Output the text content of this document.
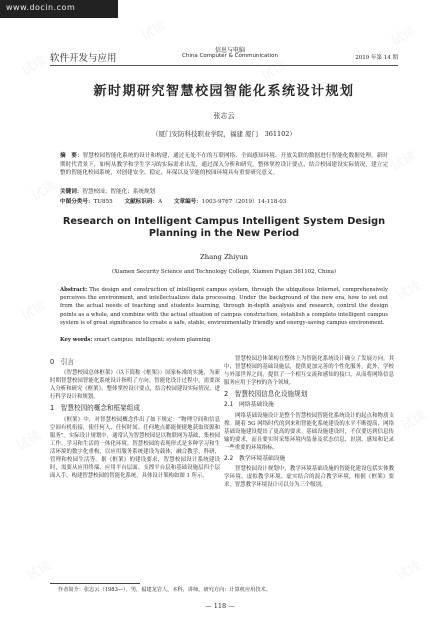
www.docin.com
软件开发与应用
信息与电脑
China Computer & Communication	2019 年第 14 期
新时期研究智慧校园智能化系统设计规划
张志云
（厦门安防科技职业学院，福建 厦门　361102）
摘　要：智慧校园智能化系统的设计和构建，通过无处不在的互联网络、全面感知环境、开放关联的数据进行智能化数据处理，新时期时代背景下，如何从教学和学生学习的实际需求出发，通过深入分析和研究，整体掌控设计要点，结合校园建设实际情况，建立完整的智能化校园系统，对创建安全、稳定、环保以及节能的校园环境具有重要研究意义。
关键词：智慧校园；智能化；系统规划
中图分类号：TU855 文献标识码：A 文章编号：1003-9767（2019）14-118-03
Research on Intelligent Campus Intelligent System Design Planning in the New Period
Zhang Zhiyun
(Xiamen Security Science and Technology College, Xiamen Fujian 361102, China)
Abstract: The design and construction of intelligent campus system, through the ubiquitous Internet, comprehensively perceives the environment, and intellectualizes data processing. Under the background of the new era, how to set out from the actual needs of teaching and students learning, through in-depth analysis and research, control the design points as a whole, and combine with the actual situation of campus construction, establish a complete intelligent campus system is of great significance to create a safe, stable, environmentally friendly and energy-saving campus environment.
Key words: smart campus; intelligent; system planning
0　引言

《智慧校园总体框架》（以下简称《框架》）国家标准的实施，为新时期智慧校园智能化系统设计指明了方向。智能化设计过程中，需要深入分析和研究《框架》，整体掌控设计要点，结合校园建设实际情况，进行科学设计和规划。

1　智慧校园的概念和框架组成

《框架》中，对智慧校园概念作出了如下规定：“物理空间和信息空间有机衔接，使任何人、任何时间、任何地点都能便捷地获取资源和服务”。实际设计规划中，通常认为智慧校园是以物联网为基础，集校园工作、学习和生活的一体化环境。智慧校园的表现形式是多种学习和生活环境的数字化重构，以应用服务系统建设为载体，融合教学、科研、管理和校园生活等。据《框架》的建设要求，智慧校园设计系统建设时，需要从应用终端、应用平台层面、支撑平台层和基础设施层四个层面入手，构建智慧校园的智能化系统，具体设计架构如图 1 所示。

智慧校园总体架构在整体上为智能化系统设计确立了发展方向。其中，智慧校园的基础设施层，提供更加完善的个性化服务，此外，学校与外部世界之间，提供了一个相互交流和感知的接口，从而将网络信息服务应用于学校的各个领域。

2　智慧校园信息化设施规划
2.1　网络基础设施

网络基础设施设计是整个智慧校园智能化系统设计的起点和物质支撑。随着 5G 网络时代的到来和智能化系统建设的水平不断提高，网络基础设施建设提出了更高的要求。基础设施建设时，不仅要达到信息传输的要求，而且要实时采集环境内装备及状态信息，识别、感知和记录一些重要的环境指标。

2.2　教学环境基础设施

智慧校园设计规划中，教学环境基础设施的智能化建设包括实体教学环境、虚拟教学环境、虚实结合的混合教学环境，根据《框架》要求，智慧教学环境设计可以分为三个级别，

作者简介：张志云（1983—），男，福建龙岩人，本科，讲师。研究方向：计算机应用技术。
— 118 —
试读
试读
试读
试读
试读
试读
试读
试读
试读
试读
试读	试读
